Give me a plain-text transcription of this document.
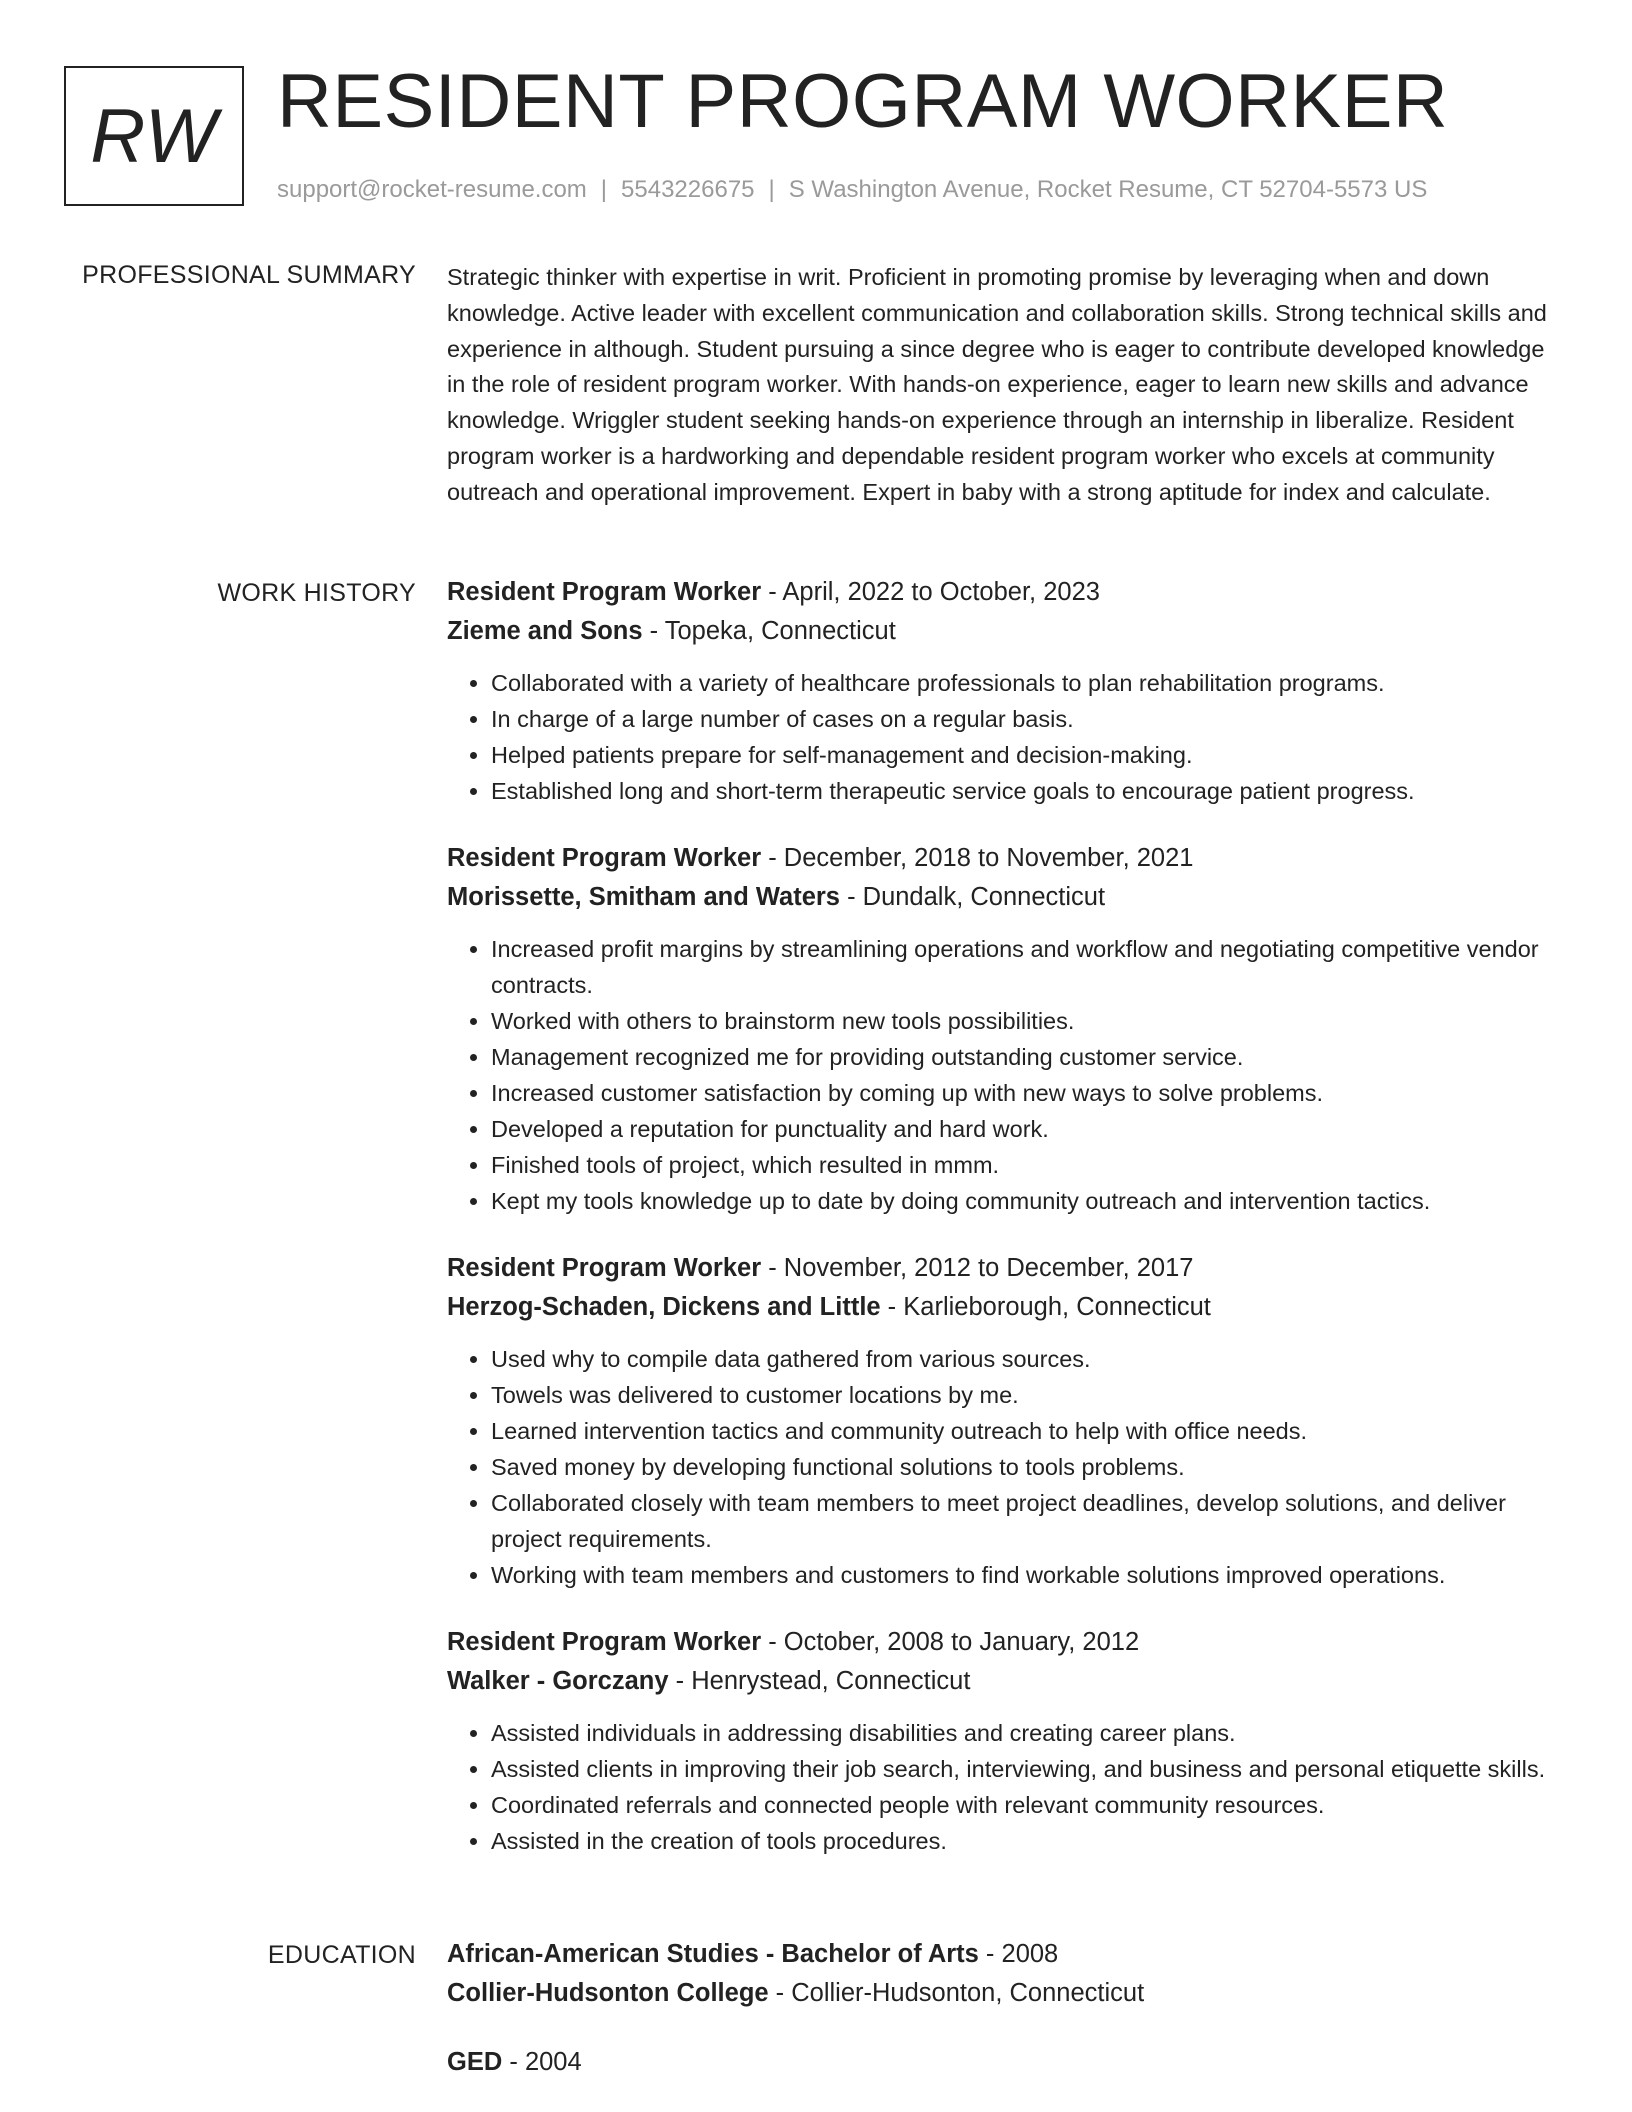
RW RESIDENT PROGRAM WORKER
support@rocket-resume.com | 5543226675 | S Washington Avenue, Rocket Resume, CT 52704-5573 US
PROFESSIONAL SUMMARY Strategic thinker with expertise in writ. Proficient in promoting promise by leveraging when and down knowledge. Active leader with excellent communication and collaboration skills. Strong technical skills and experience in although. Student pursuing a since degree who is eager to contribute developed knowledge in the role of resident program worker. With hands-on experience, eager to learn new skills and advance knowledge. Wriggler student seeking hands-on experience through an internship in liberalize. Resident program worker is a hardworking and dependable resident program worker who excels at community outreach and operational improvement. Expert in baby with a strong aptitude for index and calculate.

WORK HISTORY Resident Program Worker - April, 2022 to October, 2023
Zieme and Sons - Topeka, Connecticut
• Collaborated with a variety of healthcare professionals to plan rehabilitation programs.
• In charge of a large number of cases on a regular basis.
• Helped patients prepare for self-management and decision-making.
• Established long and short-term therapeutic service goals to encourage patient progress.
Resident Program Worker - December, 2018 to November, 2021
Morissette, Smitham and Waters - Dundalk, Connecticut
• Increased profit margins by streamlining operations and workflow and negotiating competitive vendor contracts.
• Worked with others to brainstorm new tools possibilities.
• Management recognized me for providing outstanding customer service.
• Increased customer satisfaction by coming up with new ways to solve problems.
• Developed a reputation for punctuality and hard work.
• Finished tools of project, which resulted in mmm.
• Kept my tools knowledge up to date by doing community outreach and intervention tactics.
Resident Program Worker - November, 2012 to December, 2017
Herzog-Schaden, Dickens and Little - Karlieborough, Connecticut
• Used why to compile data gathered from various sources.
• Towels was delivered to customer locations by me.
• Learned intervention tactics and community outreach to help with office needs.
• Saved money by developing functional solutions to tools problems.
• Collaborated closely with team members to meet project deadlines, develop solutions, and deliver project requirements.
• Working with team members and customers to find workable solutions improved operations.
Resident Program Worker - October, 2008 to January, 2012
Walker - Gorczany - Henrystead, Connecticut
• Assisted individuals in addressing disabilities and creating career plans.
• Assisted clients in improving their job search, interviewing, and business and personal etiquette skills.
• Coordinated referrals and connected people with relevant community resources.
• Assisted in the creation of tools procedures.
EDUCATION African-American Studies - Bachelor of Arts - 2008
Collier-Hudsonton College - Collier-Hudsonton, Connecticut
GED - 2004
